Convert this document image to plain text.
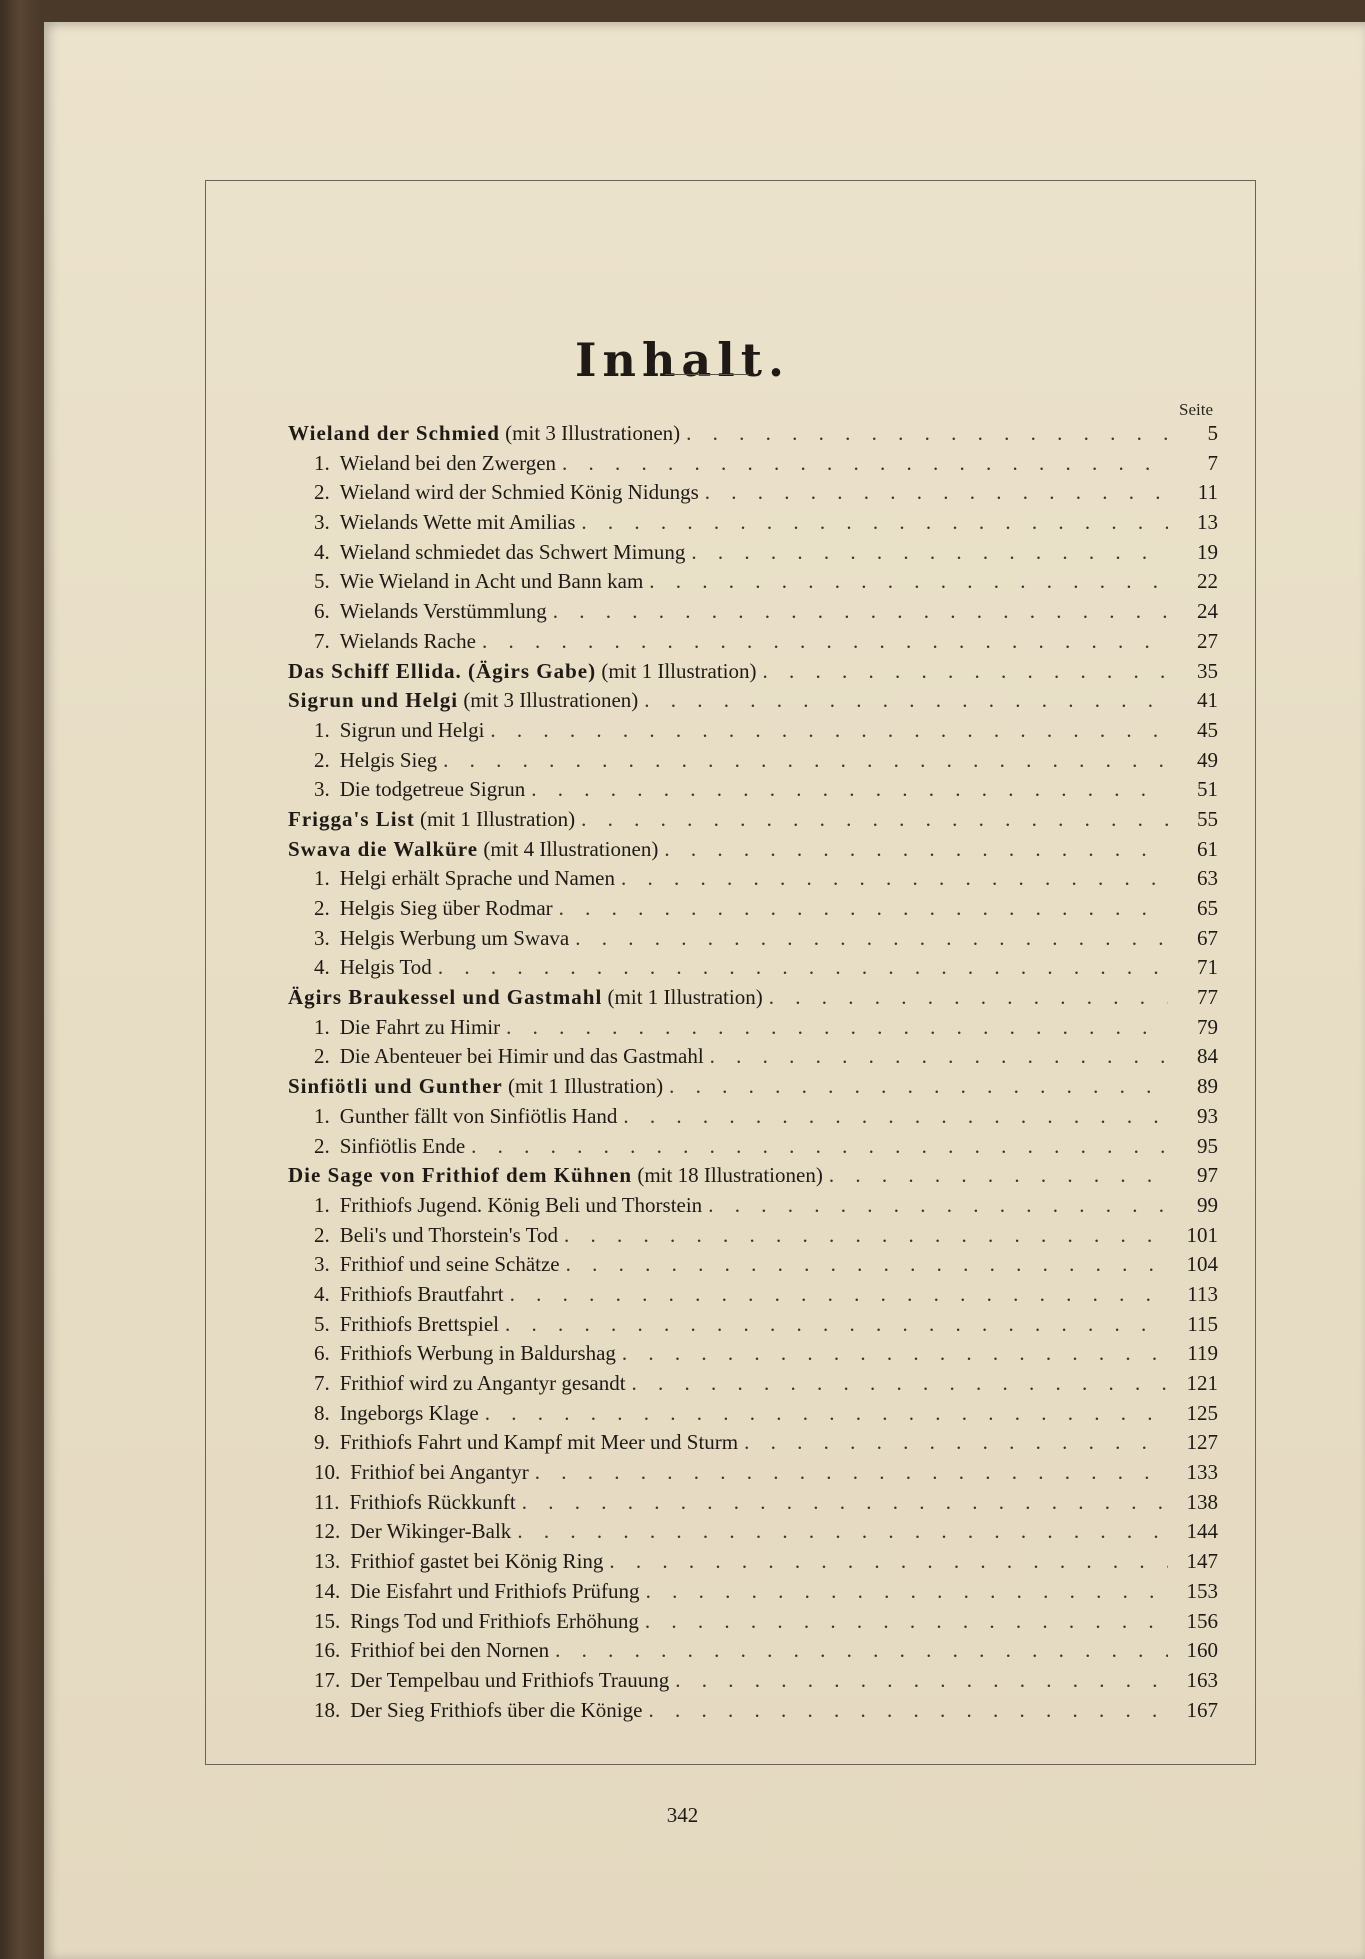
Inhalt.
Seite
Wieland der Schmied (mit 3 Illustrationen) . . .	5
1. Wieland bei den Zwergen . . .	7
2. Wieland wird der Schmied König Nidungs . . .	11
3. Wielands Wette mit Amilias . . .	13
4. Wieland schmiedet das Schwert Mimung . . .	19
5. Wie Wieland in Acht und Bann kam . . .	22
6. Wielands Verstümmlung . . .	24
7. Wielands Rache . . .	27
Das Schiff Ellida. (Ägirs Gabe) (mit 1 Illustration) . . .	35
Sigrun und Helgi (mit 3 Illustrationen) . . .	41
1. Sigrun und Helgi . . .	45
2. Helgis Sieg . . .	49
3. Die todgetreue Sigrun . . .	51
Frigga's List (mit 1 Illustration) . . .	55
Swava die Walküre (mit 4 Illustrationen) . . .	61
1. Helgi erhält Sprache und Namen . . .	63
2. Helgis Sieg über Rodmar . . .	65
3. Helgis Werbung um Swava . . .	67
4. Helgis Tod . . .	71
Ägirs Braukessel und Gastmahl (mit 1 Illustration) . . .	77
1. Die Fahrt zu Himir . . .	79
2. Die Abenteuer bei Himir und das Gastmahl . . .	84
Sinfiötli und Gunther (mit 1 Illustration) . . .	89
1. Gunther fällt von Sinfiötlis Hand . . .	93
2. Sinfiötlis Ende . . .	95
Die Sage von Frithiof dem Kühnen (mit 18 Illustrationen) . . .	97
1. Frithiofs Jugend. König Beli und Thorstein . . .	99
2. Beli's und Thorstein's Tod . . .	101
3. Frithiof und seine Schätze . . .	104
4. Frithiofs Brautfahrt . . .	113
5. Frithiofs Brettspiel . . .	115
6. Frithiofs Werbung in Baldurshag . . .	119
7. Frithiof wird zu Angantyr gesandt . . .	121
8. Ingeborgs Klage . . .	125
9. Frithiofs Fahrt und Kampf mit Meer und Sturm . . .	127
10. Frithiof bei Angantyr . . .	133
11. Frithiofs Rückkunft . . .	138
12. Der Wikinger-Balk . . .	144
13. Frithiof gastet bei König Ring . . .	147
14. Die Eisfahrt und Frithiofs Prüfung . . .	153
15. Rings Tod und Frithiofs Erhöhung . . .	156
16. Frithiof bei den Nornen . . .	160
17. Der Tempelbau und Frithiofs Trauung . . .	163
18. Der Sieg Frithiofs über die Könige . . .	167
342
